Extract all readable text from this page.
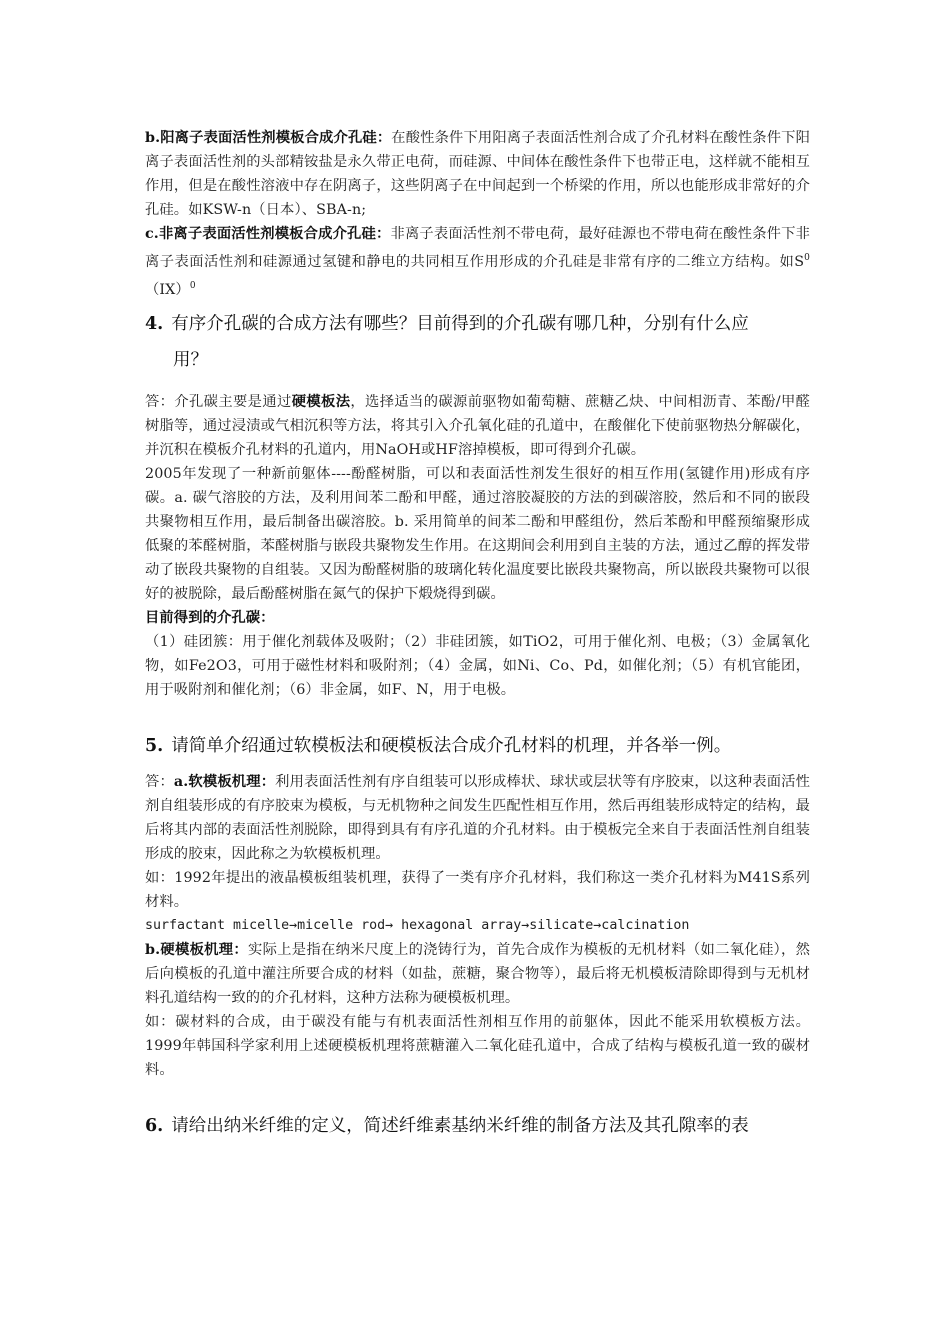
b.阳离子表面活性剂模板合成介孔硅：在酸性条件下用阳离子表面活性剂合成了介孔材料在酸性条件下阳离子表面活性剂的头部精铵盐是永久带正电荷，而硅源、中间体在酸性条件下也带正电，这样就不能相互作用，但是在酸性溶液中存在阴离子，这些阴离子在中间起到一个桥梁的作用，所以也能形成非常好的介孔硅。如KSW-n（日本）、SBA-n;

c.非离子表面活性剂模板合成介孔硅：非离子表面活性剂不带电荷，最好硅源也不带电荷在酸性条件下非离子表面活性剂和硅源通过氢键和静电的共同相互作用形成的介孔硅是非常有序的二维立方结构。如$S^0(IX)^0$

4. 有序介孔碳的合成方法有哪些？目前得到的介孔碳有哪几种，分别有什么应
用？

答：介孔碳主要是通过硬模板法，选择适当的碳源前驱物如葡萄糖、蔗糖乙炔、中间相沥青、苯酚/甲醛树脂等，通过浸渍或气相沉积等方法，将其引入介孔氧化硅的孔道中，在酸催化下使前驱物热分解碳化，并沉积在模板介孔材料的孔道内，用NaOH或HF溶掉模板，即可得到介孔碳。

2005年发现了一种新前躯体----酚醛树脂，可以和表面活性剂发生很好的相互作用(氢键作用)形成有序碳。a. 碳气溶胶的方法，及利用间苯二酚和甲醛，通过溶胶凝胶的方法的到碳溶胶，然后和不同的嵌段共聚物相互作用，最后制备出碳溶胶。b. 采用简单的间苯二酚和甲醛组份，然后苯酚和甲醛预缩聚形成低聚的苯醛树脂，苯醛树脂与嵌段共聚物发生作用。在这期间会利用到自主装的方法，通过乙醇的挥发带动了嵌段共聚物的自组装。又因为酚醛树脂的玻璃化转化温度要比嵌段共聚物高，所以嵌段共聚物可以很好的被脱除，最后酚醛树脂在氮气的保护下煅烧得到碳。

目前得到的介孔碳：

（1）硅团簇：用于催化剂载体及吸附；（2）非硅团簇，如TiO2，可用于催化剂、电极；（3）金属氧化物，如Fe2O3，可用于磁性材料和吸附剂；（4）金属，如Ni、Co、Pd，如催化剂；（5）有机官能团，用于吸附剂和催化剂；（6）非金属，如F、N，用于电极。

5. 请简单介绍通过软模板法和硬模板法合成介孔材料的机理，并各举一例。

答：a.软模板机理：利用表面活性剂有序自组装可以形成棒状、球状或层状等有序胶束，以这种表面活性剂自组装形成的有序胶束为模板，与无机物种之间发生匹配性相互作用，然后再组装形成特定的结构，最后将其内部的表面活性剂脱除，即得到具有有序孔道的介孔材料。由于模板完全来自于表面活性剂自组装形成的胶束，因此称之为软模板机理。

如：1992年提出的液晶模板组装机理，获得了一类有序介孔材料，我们称这一类介孔材料为M41S系列材料。

surfactant micelle→micelle rod→ hexagonal array→silicate→calcination

b.硬模板机理：实际上是指在纳米尺度上的浇铸行为，首先合成作为模板的无机材料（如二氧化硅），然后向模板的孔道中灌注所要合成的材料（如盐，蔗糖，聚合物等），最后将无机模板清除即得到与无机材料孔道结构一致的的介孔材料，这种方法称为硬模板机理。

如：碳材料的合成，由于碳没有能与有机表面活性剂相互作用的前躯体，因此不能采用软模板方法。1999年韩国科学家利用上述硬模板机理将蔗糖灌入二氧化硅孔道中，合成了结构与模板孔道一致的碳材料。

6. 请给出纳米纤维的定义，简述纤维素基纳米纤维的制备方法及其孔隙率的表
